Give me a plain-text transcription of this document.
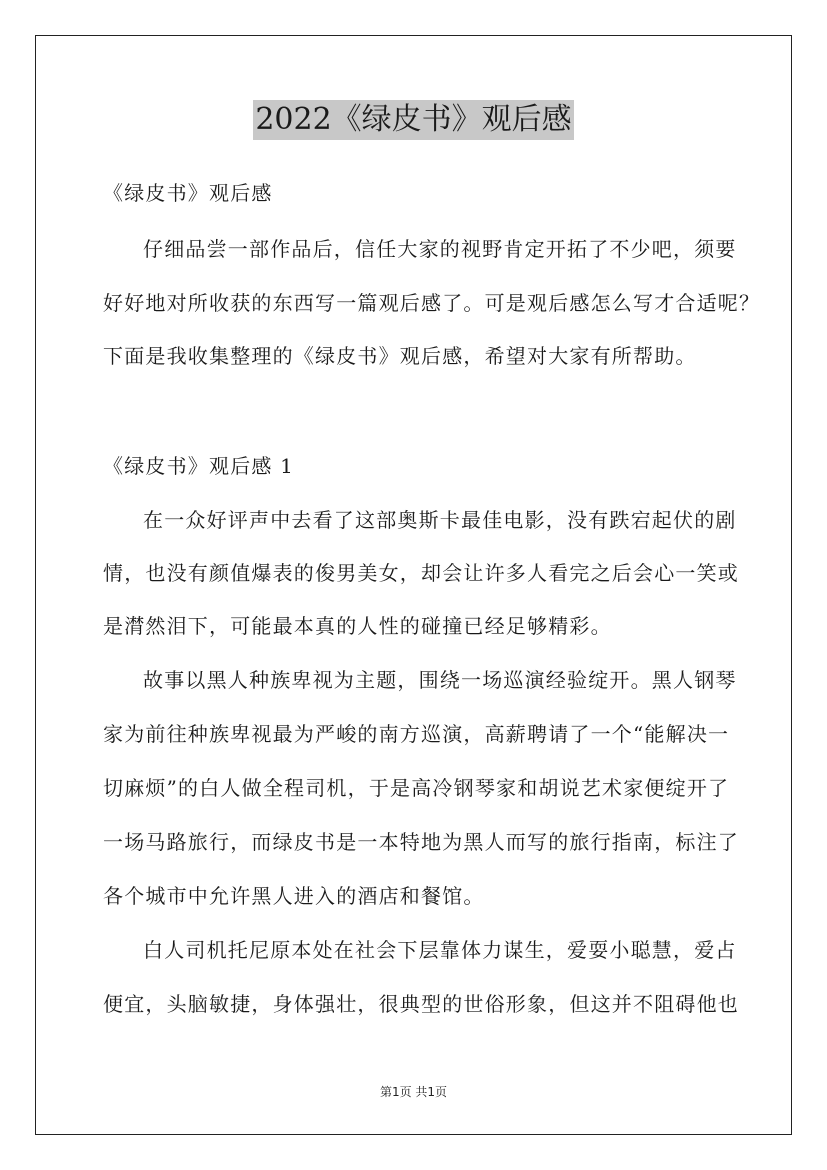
2022《绿皮书》观后感
《绿皮书》观后感
仔细品尝一部作品后，信任大家的视野肯定开拓了不少吧，须要
好好地对所收获的东西写一篇观后感了。可是观后感怎么写才合适呢？
下面是我收集整理的《绿皮书》观后感，希望对大家有所帮助。
《绿皮书》观后感 1
在一众好评声中去看了这部奥斯卡最佳电影，没有跌宕起伏的剧
情，也没有颜值爆表的俊男美女，却会让许多人看完之后会心一笑或
是潸然泪下，可能最本真的人性的碰撞已经足够精彩。
故事以黑人种族卑视为主题，围绕一场巡演经验绽开。黑人钢琴
家为前往种族卑视最为严峻的南方巡演，高薪聘请了一个“能解决一
切麻烦”的白人做全程司机，于是高冷钢琴家和胡说艺术家便绽开了
一场马路旅行，而绿皮书是一本特地为黑人而写的旅行指南，标注了
各个城市中允许黑人进入的酒店和餐馆。
白人司机托尼原本处在社会下层靠体力谋生，爱耍小聪慧，爱占
便宜，头脑敏捷，身体强壮，很典型的世俗形象，但这并不阻碍他也
第1页 共1页
